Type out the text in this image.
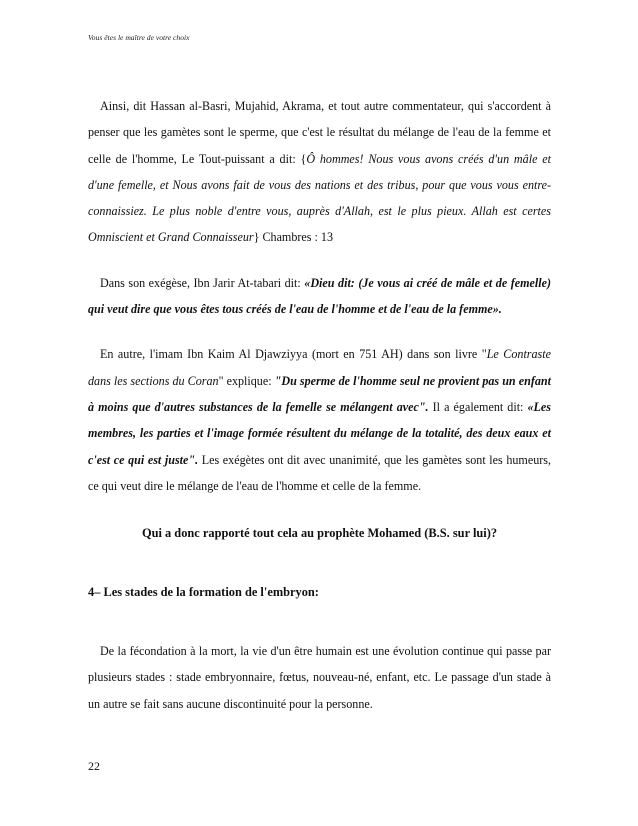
Vous êtes le maître de votre choix

Ainsi, dit Hassan al-Basri, Mujahid, Akrama, et tout autre commentateur, qui s'accordent à penser que les gamètes sont le sperme, que c'est le résultat du mélange de l'eau de la femme et celle de l'homme, Le Tout-puissant a dit: {Ô hommes! Nous vous avons créés d'un mâle et d'une femelle, et Nous avons fait de vous des nations et des tribus, pour que vous vous entre-connaissiez. Le plus noble d'entre vous, auprès d'Allah, est le plus pieux. Allah est certes Omniscient et Grand Connaisseur} Chambres : 13

Dans son exégèse, Ibn Jarir At-tabari dit: «Dieu dit: (Je vous ai créé de mâle et de femelle) qui veut dire que vous êtes tous créés de l'eau de l'homme et de l'eau de la femme».

En autre, l'imam Ibn Kaim Al Djawziyya (mort en 751 AH) dans son livre "Le Contraste dans les sections du Coran" explique: "Du sperme de l'homme seul ne provient pas un enfant à moins que d'autres substances de la femelle se mélangent avec". Il a également dit: «Les membres, les parties et l'image formée résultent du mélange de la totalité, des deux eaux et c'est ce qui est juste". Les exégètes ont dit avec unanimité, que les gamètes sont les humeurs, ce qui veut dire le mélange de l'eau de l'homme et celle de la femme.

Qui a donc rapporté tout cela au prophète Mohamed (B.S. sur lui)?

4– Les stades de la formation de l'embryon:

De la fécondation à la mort, la vie d'un être humain est une évolution continue qui passe par plusieurs stades : stade embryonnaire, fœtus, nouveau-né, enfant, etc. Le passage d'un stade à un autre se fait sans aucune discontinuité pour la personne.

22
